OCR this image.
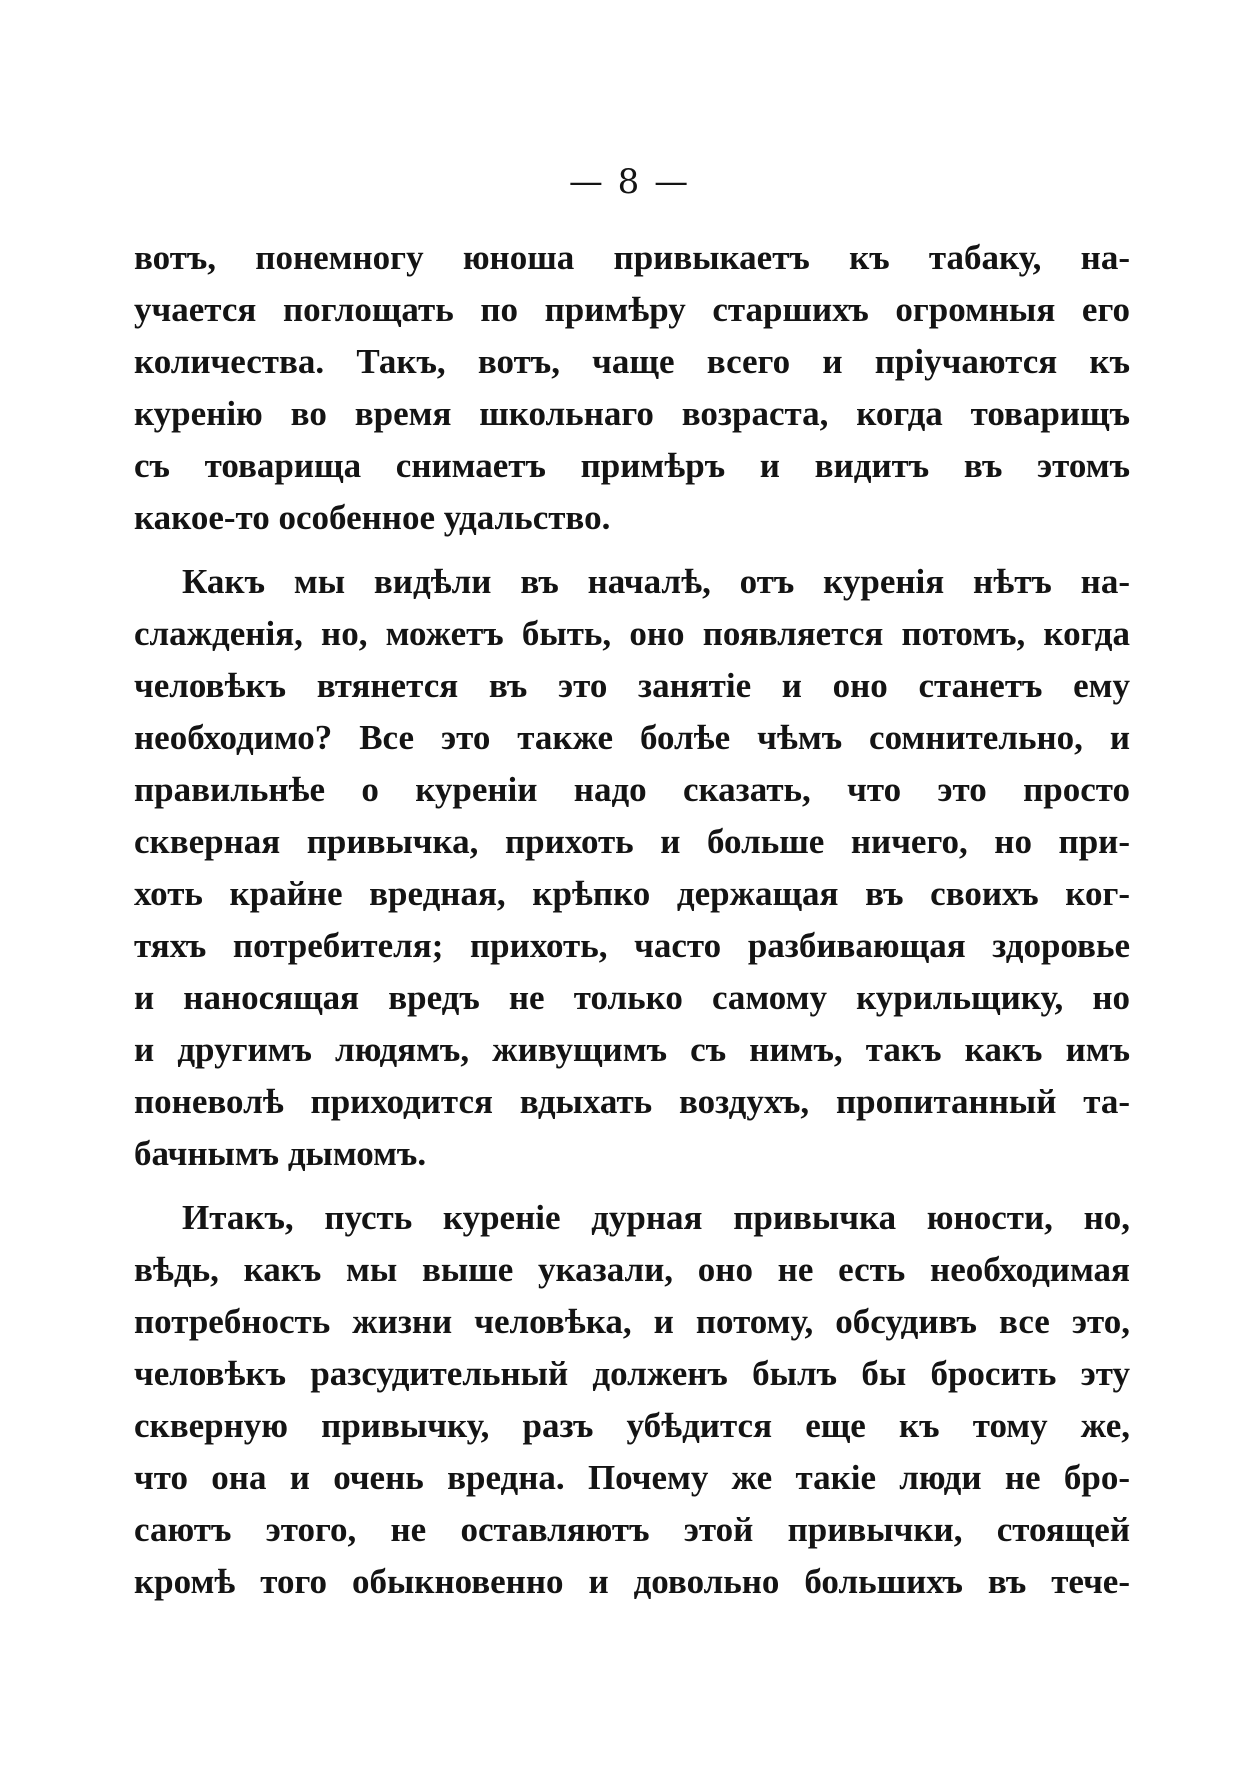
— 8 —
вотъ, понемногу юноша привыкаетъ къ табаку, на-
учается поглощать по примѣру старшихъ огромныя его
количества. Такъ, вотъ, чаще всего и пріучаются къ
куренію во время школьнаго возраста, когда товарищъ
съ товарища снимаетъ примѣръ и видитъ въ этомъ
какое-то особенное удальство.
Какъ мы видѣли въ началѣ, отъ куренія нѣтъ на-
слажденія, но, можетъ быть, оно появляется потомъ, когда
человѣкъ втянется въ это занятіе и оно станетъ ему
необходимо? Все это также болѣе чѣмъ сомнительно, и
правильнѣе о куреніи надо сказать, что это просто
скверная привычка, прихоть и больше ничего, но при-
хоть крайне вредная, крѣпко держащая въ своихъ ког-
тяхъ потребителя; прихоть, часто разбивающая здоровье
и наносящая вредъ не только самому курильщику, но
и другимъ людямъ, живущимъ съ нимъ, такъ какъ имъ
поневолѣ приходится вдыхать воздухъ, пропитанный та-
бачнымъ дымомъ.
Итакъ, пусть куреніе дурная привычка юности, но,
вѣдь, какъ мы выше указали, оно не есть необходимая
потребность жизни человѣка, и потому, обсудивъ все это,
человѣкъ разсудительный долженъ былъ бы бросить эту
скверную привычку, разъ убѣдится еще къ тому же,
что она и очень вредна. Почему же такіе люди не бро-
саютъ этого, не оставляютъ этой привычки, стоящей
кромѣ того обыкновенно и довольно большихъ въ тече-
